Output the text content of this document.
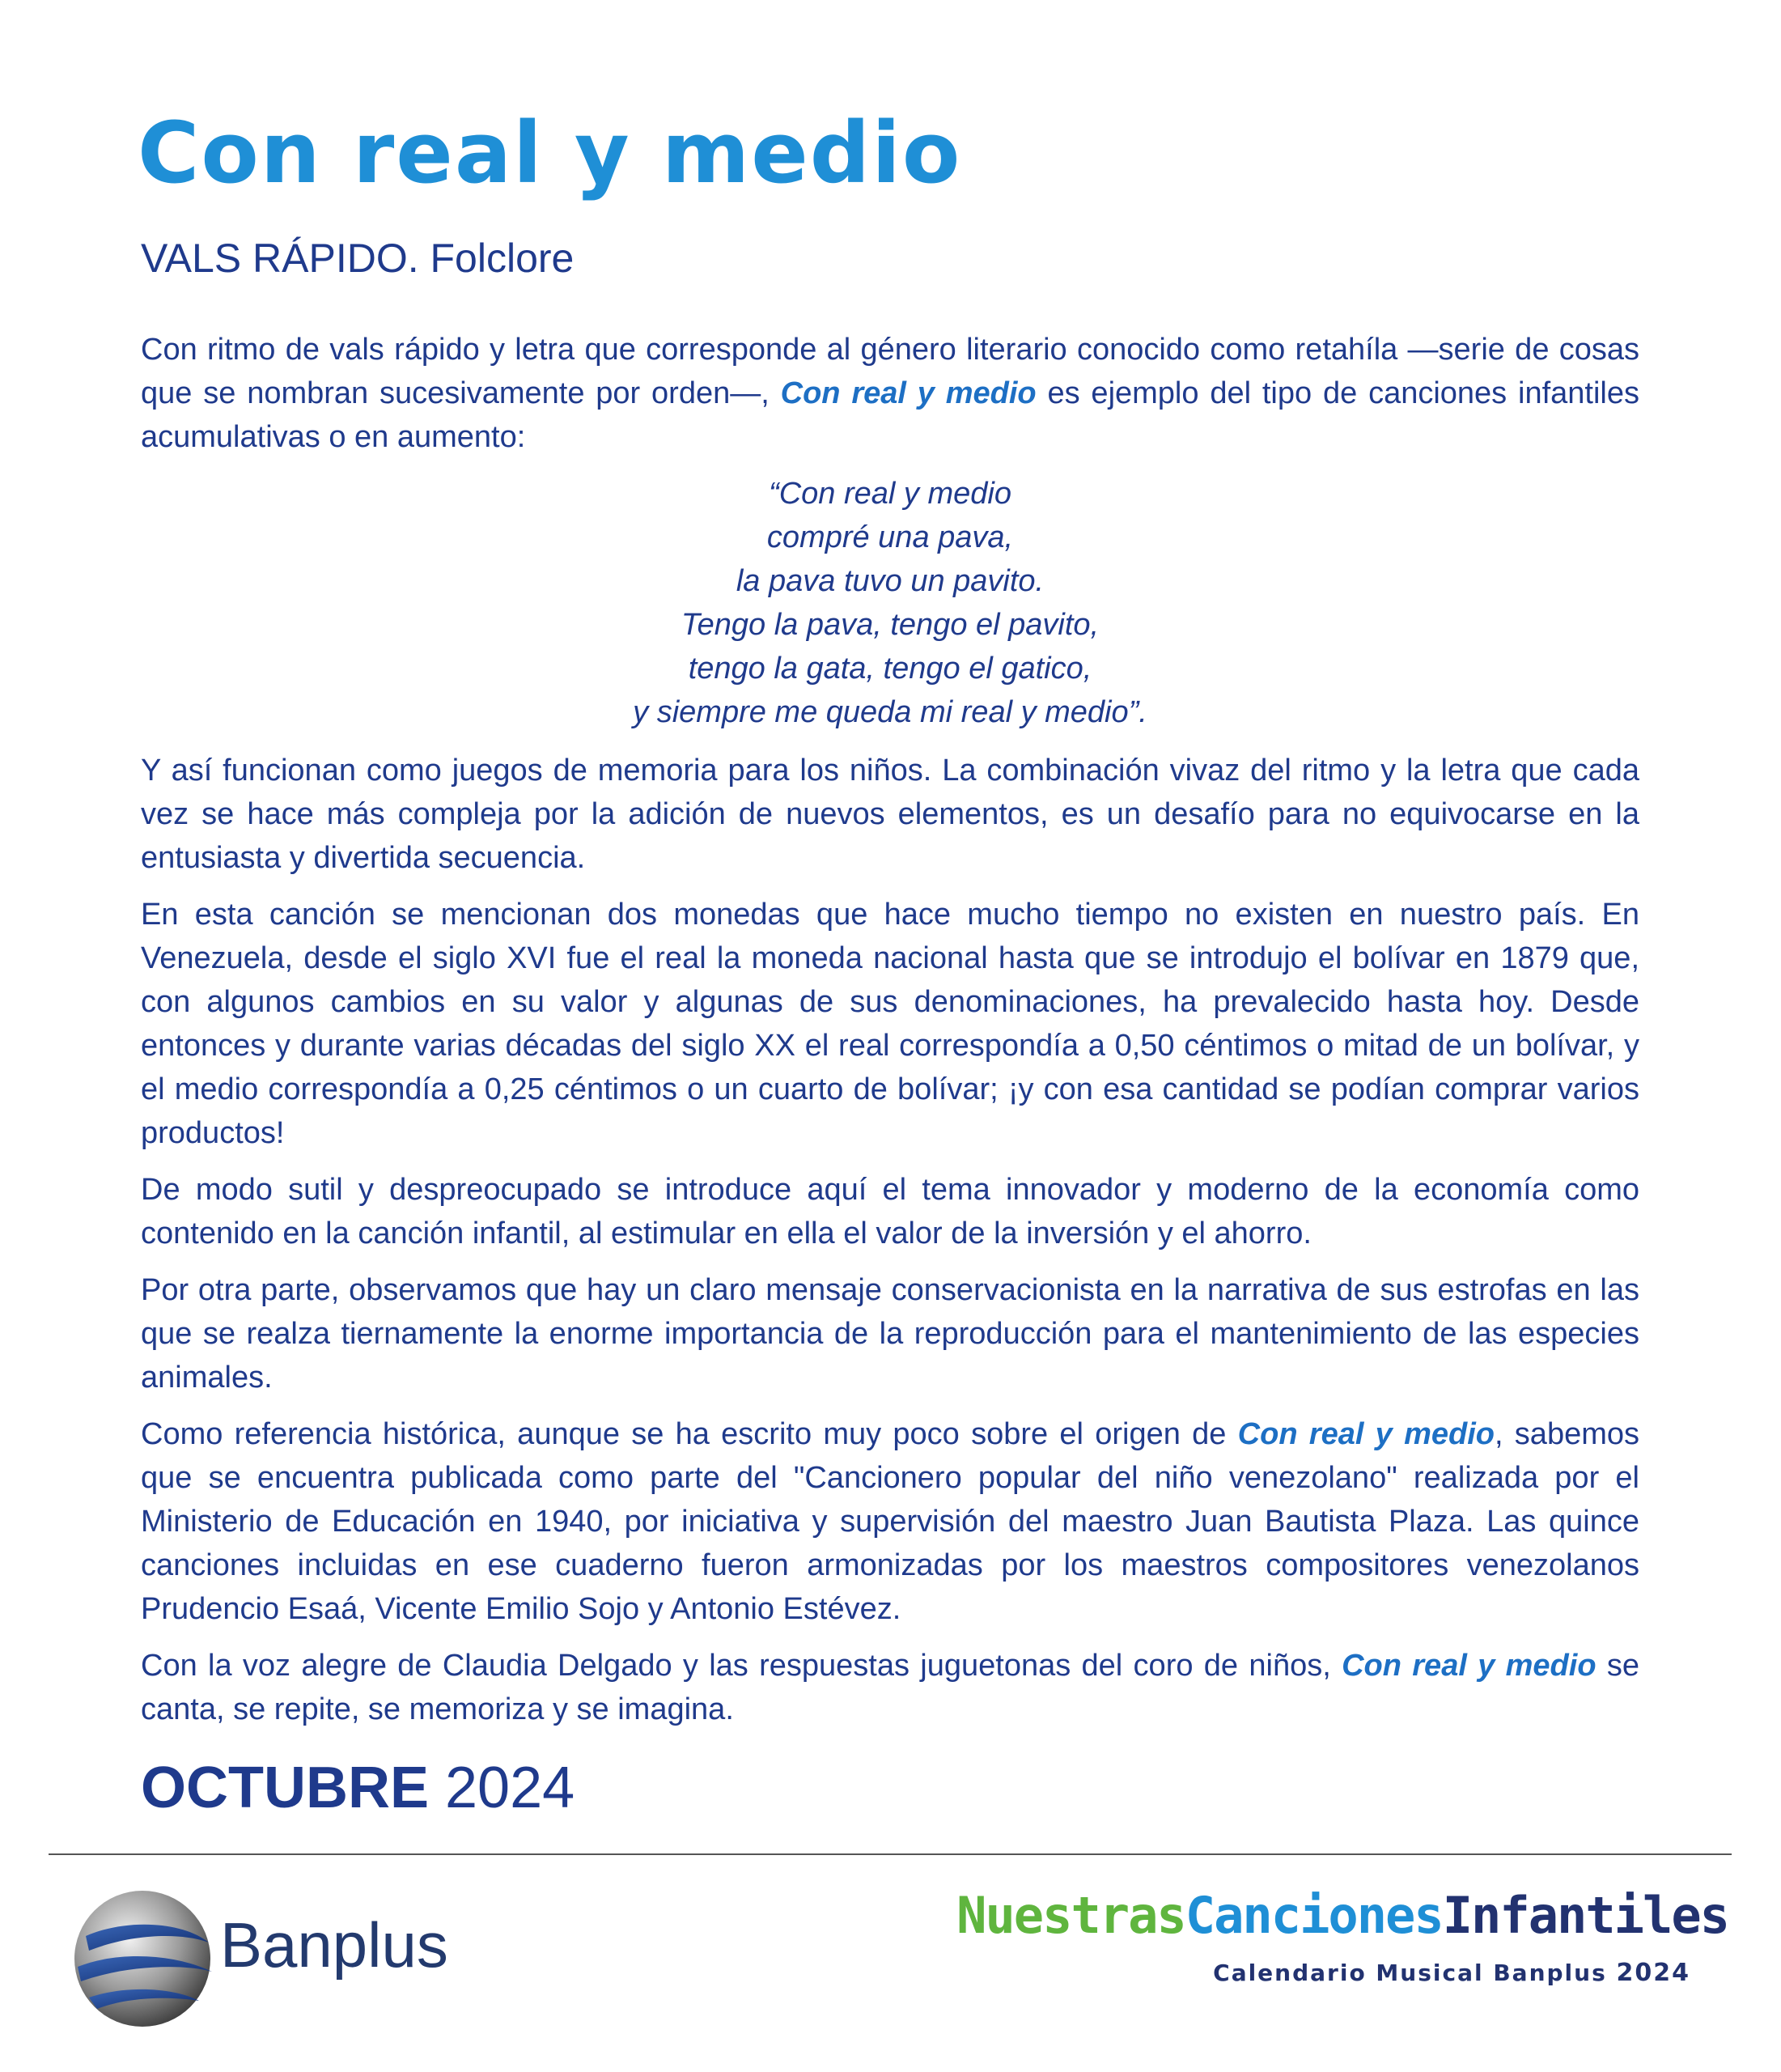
Con real y medio
VALS RÁPIDO. Folclore

Con ritmo de vals rápido y letra que corresponde al género literario conocido como retahíla —serie de cosas que se nombran sucesivamente por orden—, Con real y medio es ejemplo del tipo de canciones infantiles acumulativas o en aumento:

“Con real y medio
compré una pava,
la pava tuvo un pavito.
Tengo la pava, tengo el pavito,
tengo la gata, tengo el gatico,
y siempre me queda mi real y medio”.

Y así funcionan como juegos de memoria para los niños. La combinación vivaz del ritmo y la letra que cada vez se hace más compleja por la adición de nuevos elementos, es un desafío para no equivocarse en la entusiasta y divertida secuencia.

En esta canción se mencionan dos monedas que hace mucho tiempo no existen en nuestro país. En Venezuela, desde el siglo XVI fue el real la moneda nacional hasta que se introdujo el bolívar en 1879 que, con algunos cambios en su valor y algunas de sus denominaciones, ha prevalecido hasta hoy. Desde entonces y durante varias décadas del siglo XX el real correspondía a 0,50 céntimos o mitad de un bolívar, y el medio correspondía a 0,25 céntimos o un cuarto de bolívar; ¡y con esa cantidad se podían comprar varios productos!

De modo sutil y despreocupado se introduce aquí el tema innovador y moderno de la economía como contenido en la canción infantil, al estimular en ella el valor de la inversión y el ahorro.

Por otra parte, observamos que hay un claro mensaje conservacionista en la narrativa de sus estrofas en las que se realza tiernamente la enorme importancia de la reproducción para el mantenimiento de las especies animales.

Como referencia histórica, aunque se ha escrito muy poco sobre el origen de Con real y medio, sabemos que se encuentra publicada como parte del "Cancionero popular del niño venezolano" realizada por el Ministerio de Educación en 1940, por iniciativa y supervisión del maestro Juan Bautista Plaza. Las quince canciones incluidas en ese cuaderno fueron armonizadas por los maestros compositores venezolanos Prudencio Esaá, Vicente Emilio Sojo y Antonio Estévez.

Con la voz alegre de Claudia Delgado y las respuestas juguetonas del coro de niños, Con real y medio se canta, se repite, se memoriza y se imagina.

OCTUBRE 2024
Banplus	NuestrasCancionesInfantiles
Calendario Musical Banplus 2024
